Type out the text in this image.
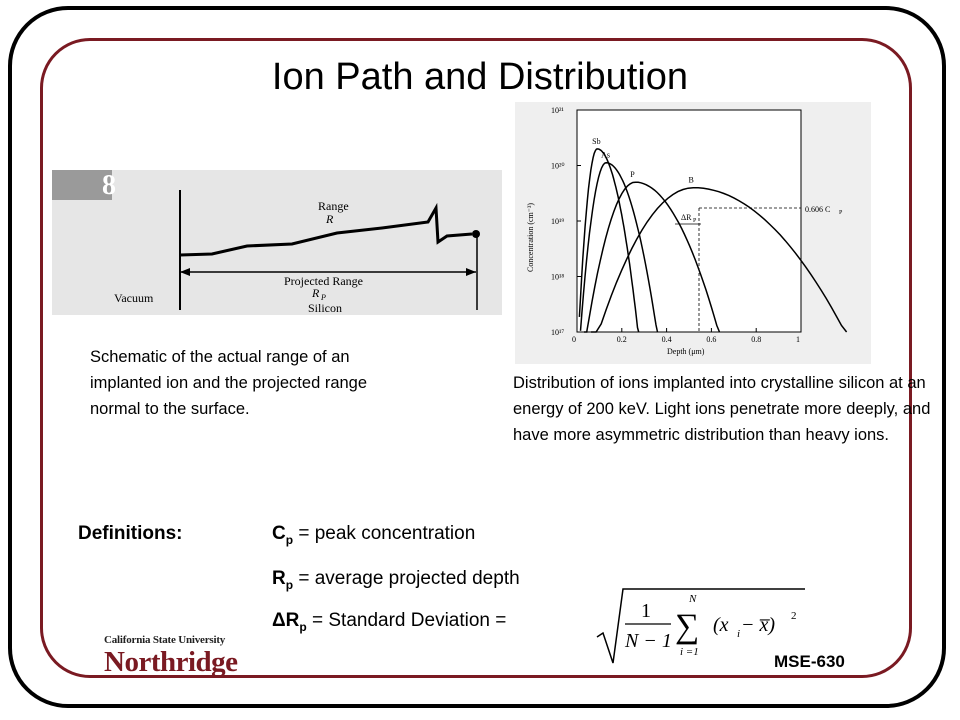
Ion Path and Distribution
8
Range
R
Projected Range
R P
Vacuum
Silicon
10¹⁷
10¹⁸
10¹⁹
10²⁰
10²¹
0	0.2	0.4	0.6	0.8	1
Sb
As
P
B
ΔR P
0.606 C P
Concentration (cm⁻³)
Depth (μm)
Schematic of the actual range of an implanted ion and the projected range normal to the surface.
Distribution of ions implanted into crystalline silicon at an energy of 200 keV. Light ions penetrate more deeply, and have more asymmetric distribution than heavy ions.
Definitions:	$C_p$ = peak concentration
$R_p$ = average projected depth
$\Delta R_p$ = Standard Deviation =	1
N − 1
N
∑
i =1
(x i − x̅) 2
California State University
Northridge	MSE-630
